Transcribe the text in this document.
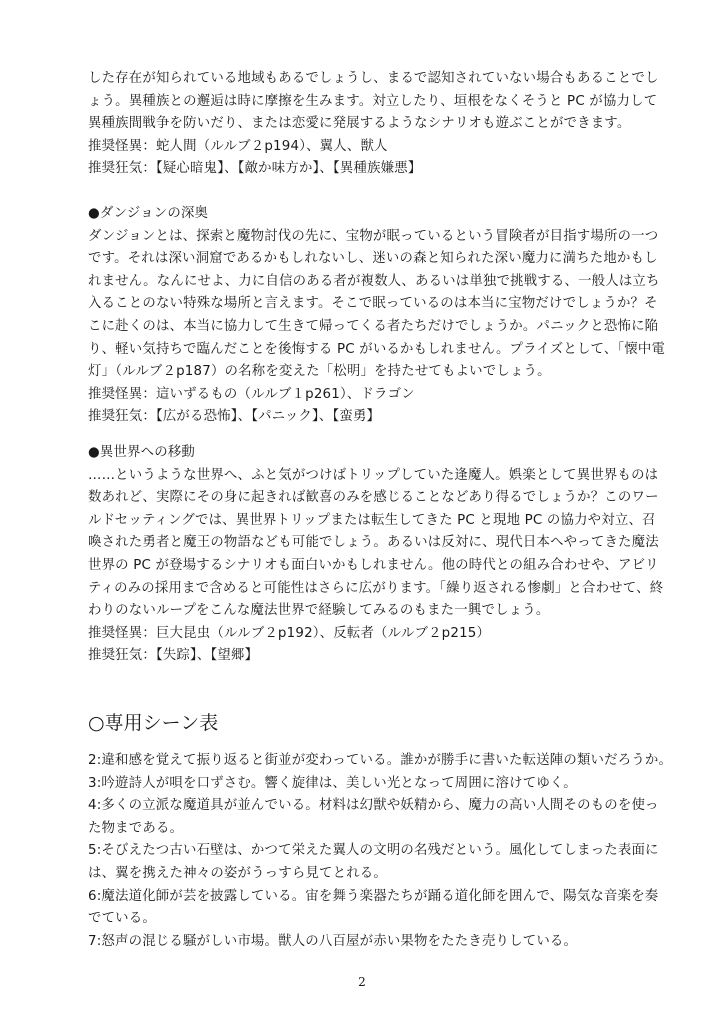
した存在が知られている地域もあるでしょうし、まるで認知されていない場合もあることでし
ょう。異種族との邂逅は時に摩擦を生みます。対立したり、垣根をなくそうと PC が協力して
異種族間戦争を防いだり、または恋愛に発展するようなシナリオも遊ぶことができます。
推奨怪異：蛇人間（ルルブ２p194）、翼人、獣人
推奨狂気：【疑心暗鬼】、【敵か味方か】、【異種族嫌悪】
●ダンジョンの深奥
ダンジョンとは、探索と魔物討伐の先に、宝物が眠っているという冒険者が目指す場所の一つ
です。それは深い洞窟であるかもしれないし、迷いの森と知られた深い魔力に満ちた地かもし
れません。なんにせよ、力に自信のある者が複数人、あるいは単独で挑戦する、一般人は立ち
入ることのない特殊な場所と言えます。そこで眠っているのは本当に宝物だけでしょうか？そ
こに赴くのは、本当に協力して生きて帰ってくる者たちだけでしょうか。パニックと恐怖に陥
り、軽い気持ちで臨んだことを後悔する PC がいるかもしれません。プライズとして、「懐中電
灯」（ルルブ２p187）の名称を変えた「松明」を持たせてもよいでしょう。
推奨怪異：這いずるもの（ルルブ１p261）、ドラゴン
推奨狂気：【広がる恐怖】、【パニック】、【蛮勇】
●異世界への移動
……というような世界へ、ふと気がつけばトリップしていた逢魔人。娯楽として異世界ものは
数あれど、実際にその身に起きれば歓喜のみを感じることなどあり得るでしょうか？このワー
ルドセッティングでは、異世界トリップまたは転生してきた PC と現地 PC の協力や対立、召
喚された勇者と魔王の物語なども可能でしょう。あるいは反対に、現代日本へやってきた魔法
世界の PC が登場するシナリオも面白いかもしれません。他の時代との組み合わせや、アビリ
ティのみの採用まで含めると可能性はさらに広がります。「繰り返される惨劇」と合わせて、終
わりのないループをこんな魔法世界で経験してみるのもまた一興でしょう。
推奨怪異：巨大昆虫（ルルブ２p192）、反転者（ルルブ２p215）
推奨狂気：【失踪】、【望郷】
○専用シーン表
2:違和感を覚えて振り返ると街並が変わっている。誰かが勝手に書いた転送陣の類いだろうか。
3:吟遊詩人が唄を口ずさむ。響く旋律は、美しい光となって周囲に溶けてゆく。
4:多くの立派な魔道具が並んでいる。材料は幻獣や妖精から、魔力の高い人間そのものを使っ
た物まである。
5:そびえたつ古い石壁は、かつて栄えた翼人の文明の名残だという。風化してしまった表面に
は、翼を携えた神々の姿がうっすら見てとれる。
6:魔法道化師が芸を披露している。宙を舞う楽器たちが踊る道化師を囲んで、陽気な音楽を奏
でている。
7:怒声の混じる騒がしい市場。獣人の八百屋が赤い果物をたたき売りしている。
2
